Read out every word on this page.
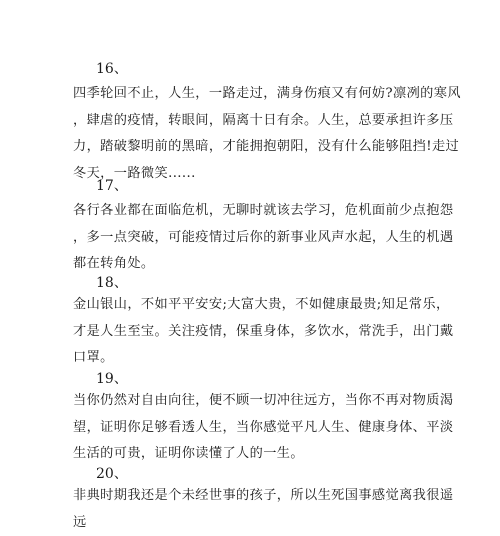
16、
四季轮回不止，人生，一路走过，满身伤痕又有何妨?凛冽的寒风
，肆虐的疫情，转眼间，隔离十日有余。人生，总要承担许多压
力，踏破黎明前的黑暗，才能拥抱朝阳，没有什么能够阻挡!走过
冬天，一路微笑......
17、
各行各业都在面临危机，无聊时就该去学习，危机面前少点抱怨
，多一点突破，可能疫情过后你的新事业风声水起，人生的机遇
都在转角处。
18、
金山银山，不如平平安安;大富大贵，不如健康最贵;知足常乐，
才是人生至宝。关注疫情，保重身体，多饮水，常洗手，出门戴
口罩。
19、
当你仍然对自由向往，便不顾一切冲往远方，当你不再对物质渴
望，证明你足够看透人生，当你感觉平凡人生、健康身体、平淡
生活的可贵，证明你读懂了人的一生。
20、
非典时期我还是个未经世事的孩子，所以生死国事感觉离我很遥
远
